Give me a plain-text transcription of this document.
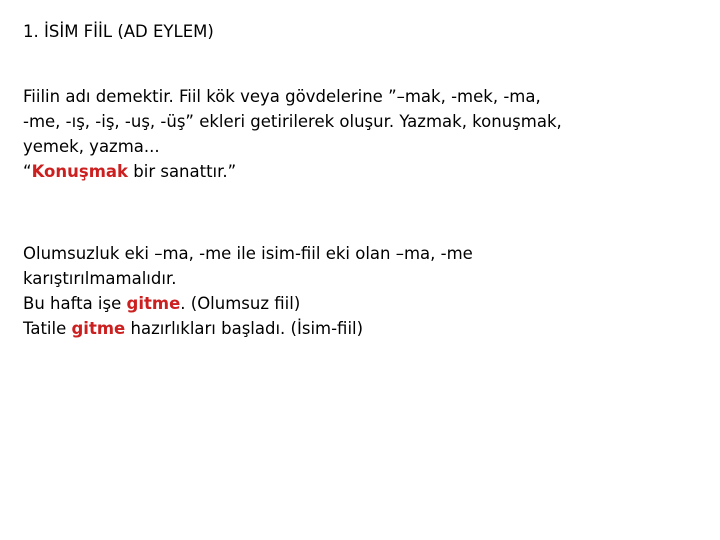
1. İSİM FİİL (AD EYLEM)
Fiilin adı demektir. Fiil kök veya gövdelerine ”–mak, -mek, -ma,
-me, -ış, -iş, -uş, -üş” ekleri getirilerek oluşur. Yazmak, konuşmak,
yemek, yazma...
“Konuşmak bir sanattır.”
Olumsuzluk eki –ma, -me ile isim-fiil eki olan –ma, -me
karıştırılmamalıdır.
Bu hafta işe gitme. (Olumsuz fiil)
Tatile gitme hazırlıkları başladı. (İsim-fiil)
